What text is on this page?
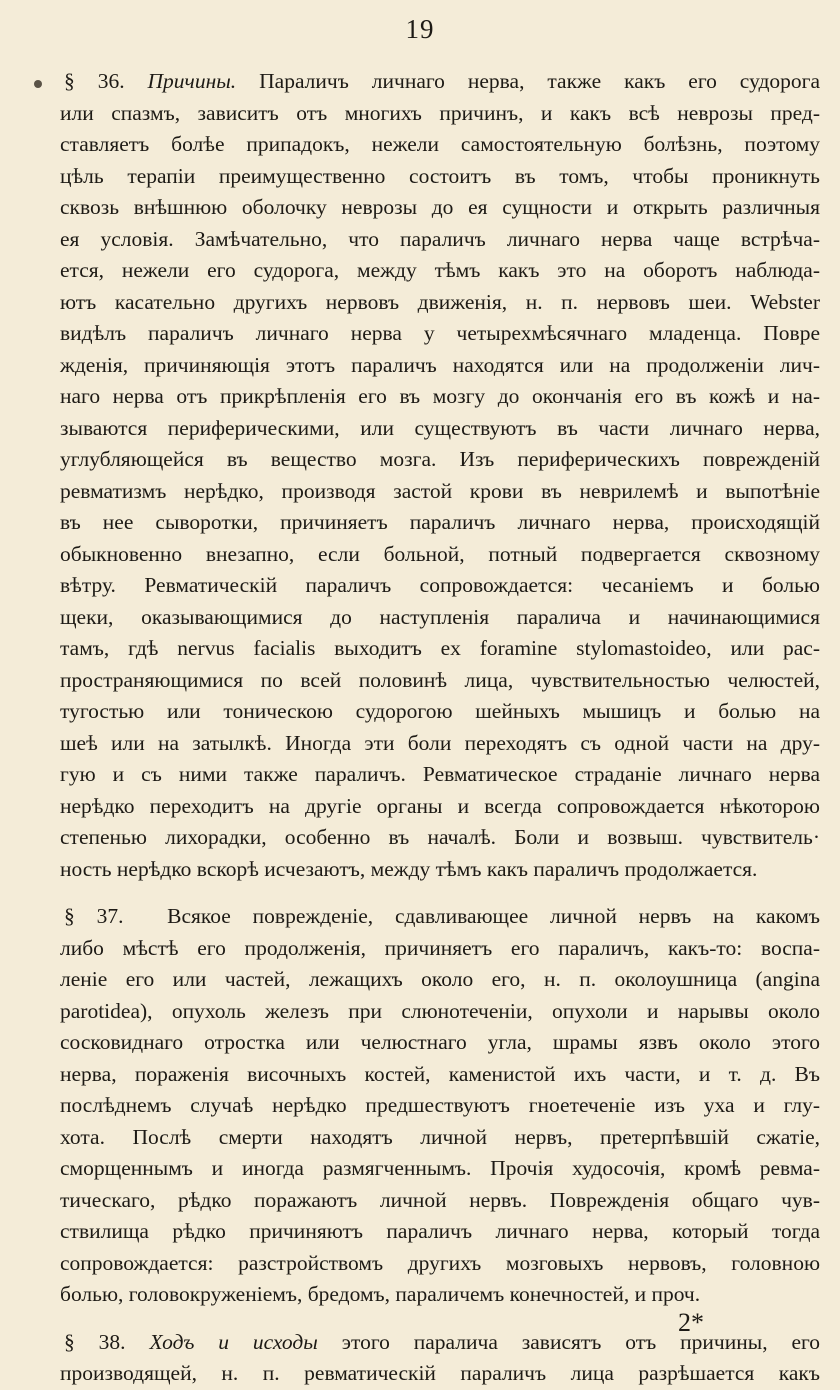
19
§ 36. Причины. Параличъ личнаго нерва, также какъ его судорога
или спазмъ, зависитъ отъ многихъ причинъ, и какъ всѣ неврозы пред-
ставляетъ болѣе припадокъ, нежели самостоятельную болѣзнь, поэтому
цѣль терапіи преимущественно состоитъ въ томъ, чтобы проникнуть
сквозь внѣшнюю оболочку неврозы до ея сущности и открыть различныя
ея условія. Замѣчательно, что параличъ личнаго нерва чаще встрѣча-
ется, нежели его судорога, между тѣмъ какъ это на оборотъ наблюда-
ютъ касательно другихъ нервовъ движенія, н. п. нервовъ шеи. Webster
видѣлъ параличъ личнаго нерва у четырехмѣсячнаго младенца. Повре
жденія, причиняющія этотъ параличъ находятся или на продолженіи лич-
наго нерва отъ прикрѣпленія его въ мозгу до окончанія его въ кожѣ и на-
зываются периферическими, или существуютъ въ части личнаго нерва,
углубляющейся въ вещество мозга. Изъ периферическихъ поврежденій
ревматизмъ нерѣдко, производя застой крови въ неврилемѣ и выпотѣніе
въ нее сыворотки, причиняетъ параличъ личнаго нерва, происходящій
обыкновенно внезапно, если больной, потный подвергается сквозному
вѣтру. Ревматическій параличъ сопровождается: чесаніемъ и болью
щеки, оказывающимися до наступленія паралича и начинающимися
тамъ, гдѣ nervus facialis выходитъ ex foramine stylomastoideo, или рас-
пространяющимися по всей половинѣ лица, чувствительностью челюстей,
тугостью или тоническою судорогою шейныхъ мышицъ и болью на
шеѣ или на затылкѣ. Иногда эти боли переходятъ съ одной части на дру-
гую и съ ними также параличъ. Ревматическое страданіе личнаго нерва
нерѣдко переходитъ на другіе органы и всегда сопровождается нѣкоторою
степенью лихорадки, особенно въ началѣ. Боли и возвыш. чувствитель·
ность нерѣдко вскорѣ исчезаютъ, между тѣмъ какъ параличъ продолжается.
§ 37. Всякое поврежденіе, сдавливающее личной нервъ на какомъ
либо мѣстѣ его продолженія, причиняетъ его параличъ, какъ-то: воспа-
леніе его или частей, лежащихъ около его, н. п. околоушница (angina
parotidea), опухоль железъ при слюнотеченіи, опухоли и нарывы около
сосковиднаго отростка или челюстнаго угла, шрамы язвъ около этого
нерва, пораженія височныхъ костей, каменистой ихъ части, и т. д. Въ
послѣднемъ случаѣ нерѣдко предшествуютъ гноетеченіе изъ уха и глу-
хота. Послѣ смерти находятъ личной нервъ, претерпѣвшій сжатіе,
сморщеннымъ и иногда размягченнымъ. Прочія худосочія, кромѣ ревма-
тическаго, рѣдко поражаютъ личной нервъ. Поврежденія общаго чув-
ствилища рѣдко причиняютъ параличъ личнаго нерва, который тогда
сопровождается: разстройствомъ другихъ мозговыхъ нервовъ, головною
болью, головокруженіемъ, бредомъ, параличемъ конечностей, и проч.
§ 38. Ходъ и исходы этого паралича зависятъ отъ причины, его
производящей, н. п. ревматическій параличъ лица разрѣшается какъ
2*
